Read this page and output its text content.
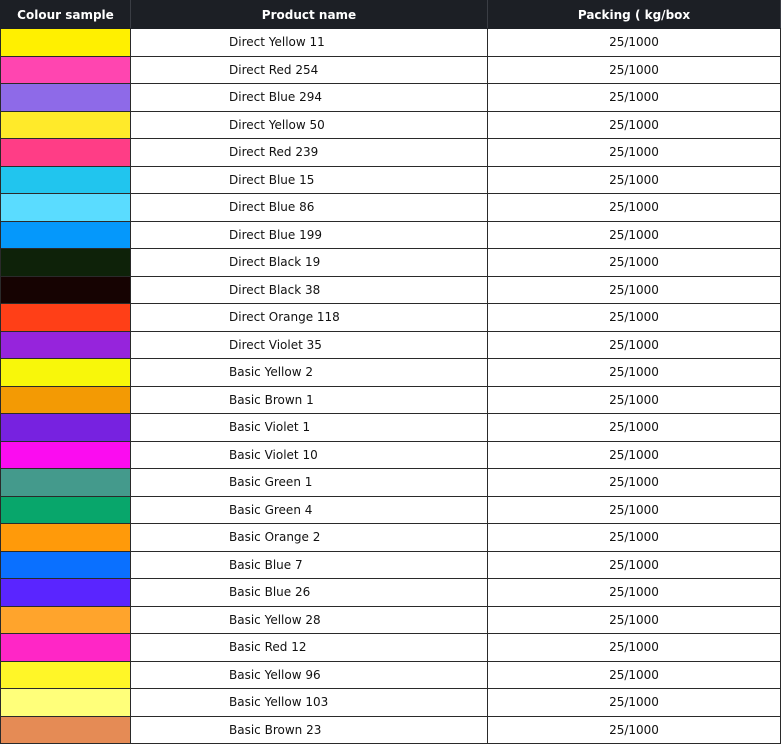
Colour sample	Product name	Packing ( kg/box
	Direct Yellow 11	25/1000
	Direct Red 254	25/1000
	Direct Blue 294	25/1000
	Direct Yellow 50	25/1000
	Direct Red 239	25/1000
	Direct Blue 15	25/1000
	Direct Blue 86	25/1000
	Direct Blue 199	25/1000
	Direct Black 19	25/1000
	Direct Black 38	25/1000
	Direct Orange 118	25/1000
	Direct Violet 35	25/1000
	Basic Yellow 2	25/1000
	Basic Brown 1	25/1000
	Basic Violet 1	25/1000
	Basic Violet 10	25/1000
	Basic Green 1	25/1000
	Basic Green 4	25/1000
	Basic Orange 2	25/1000
	Basic Blue 7	25/1000
	Basic Blue 26	25/1000
	Basic Yellow 28	25/1000
	Basic Red 12	25/1000
	Basic Yellow 96	25/1000
	Basic Yellow 103	25/1000
	Basic Brown 23	25/1000
